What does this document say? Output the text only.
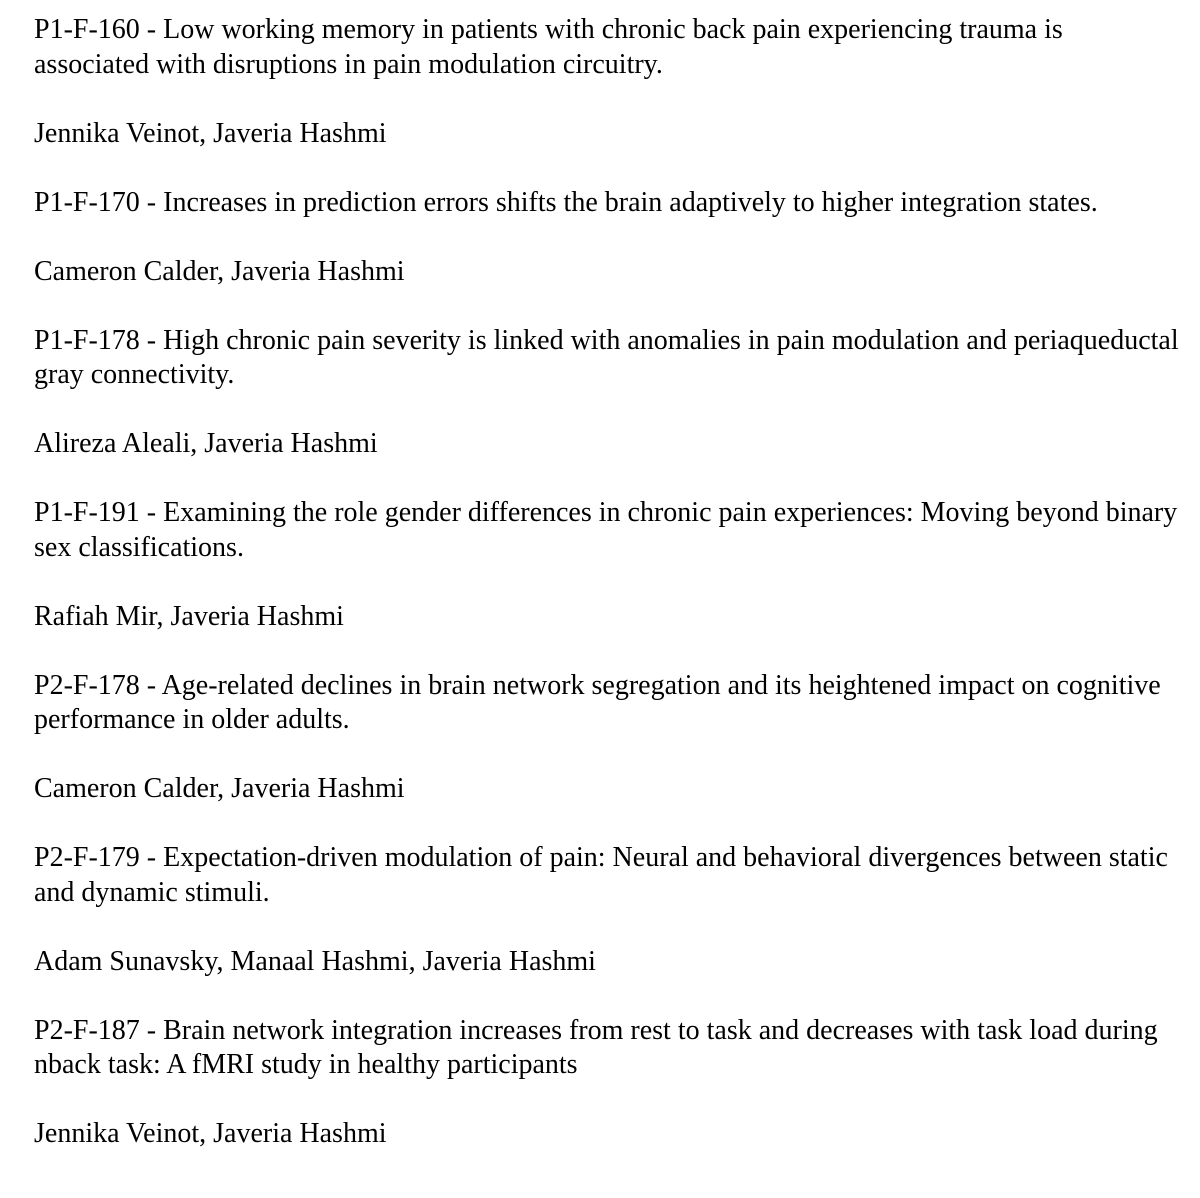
P1-F-160 - Low working memory in patients with chronic back pain experiencing trauma is associated with disruptions in pain modulation circuitry.

Jennika Veinot, Javeria Hashmi

P1-F-170 - Increases in prediction errors shifts the brain adaptively to higher integration states.

Cameron Calder, Javeria Hashmi

P1-F-178 - High chronic pain severity is linked with anomalies in pain modulation and periaqueductal gray connectivity.

Alireza Aleali, Javeria Hashmi

P1-F-191 - Examining the role gender differences in chronic pain experiences: Moving beyond binary sex classifications.

Rafiah Mir, Javeria Hashmi

P2-F-178 - Age-related declines in brain network segregation and its heightened impact on cognitive performance in older adults.

Cameron Calder, Javeria Hashmi

P2-F-179 - Expectation-driven modulation of pain: Neural and behavioral divergences between static and dynamic stimuli.

Adam Sunavsky, Manaal Hashmi, Javeria Hashmi

P2-F-187 - Brain network integration increases from rest to task and decreases with task load during nback task: A fMRI study in healthy participants

Jennika Veinot, Javeria Hashmi
